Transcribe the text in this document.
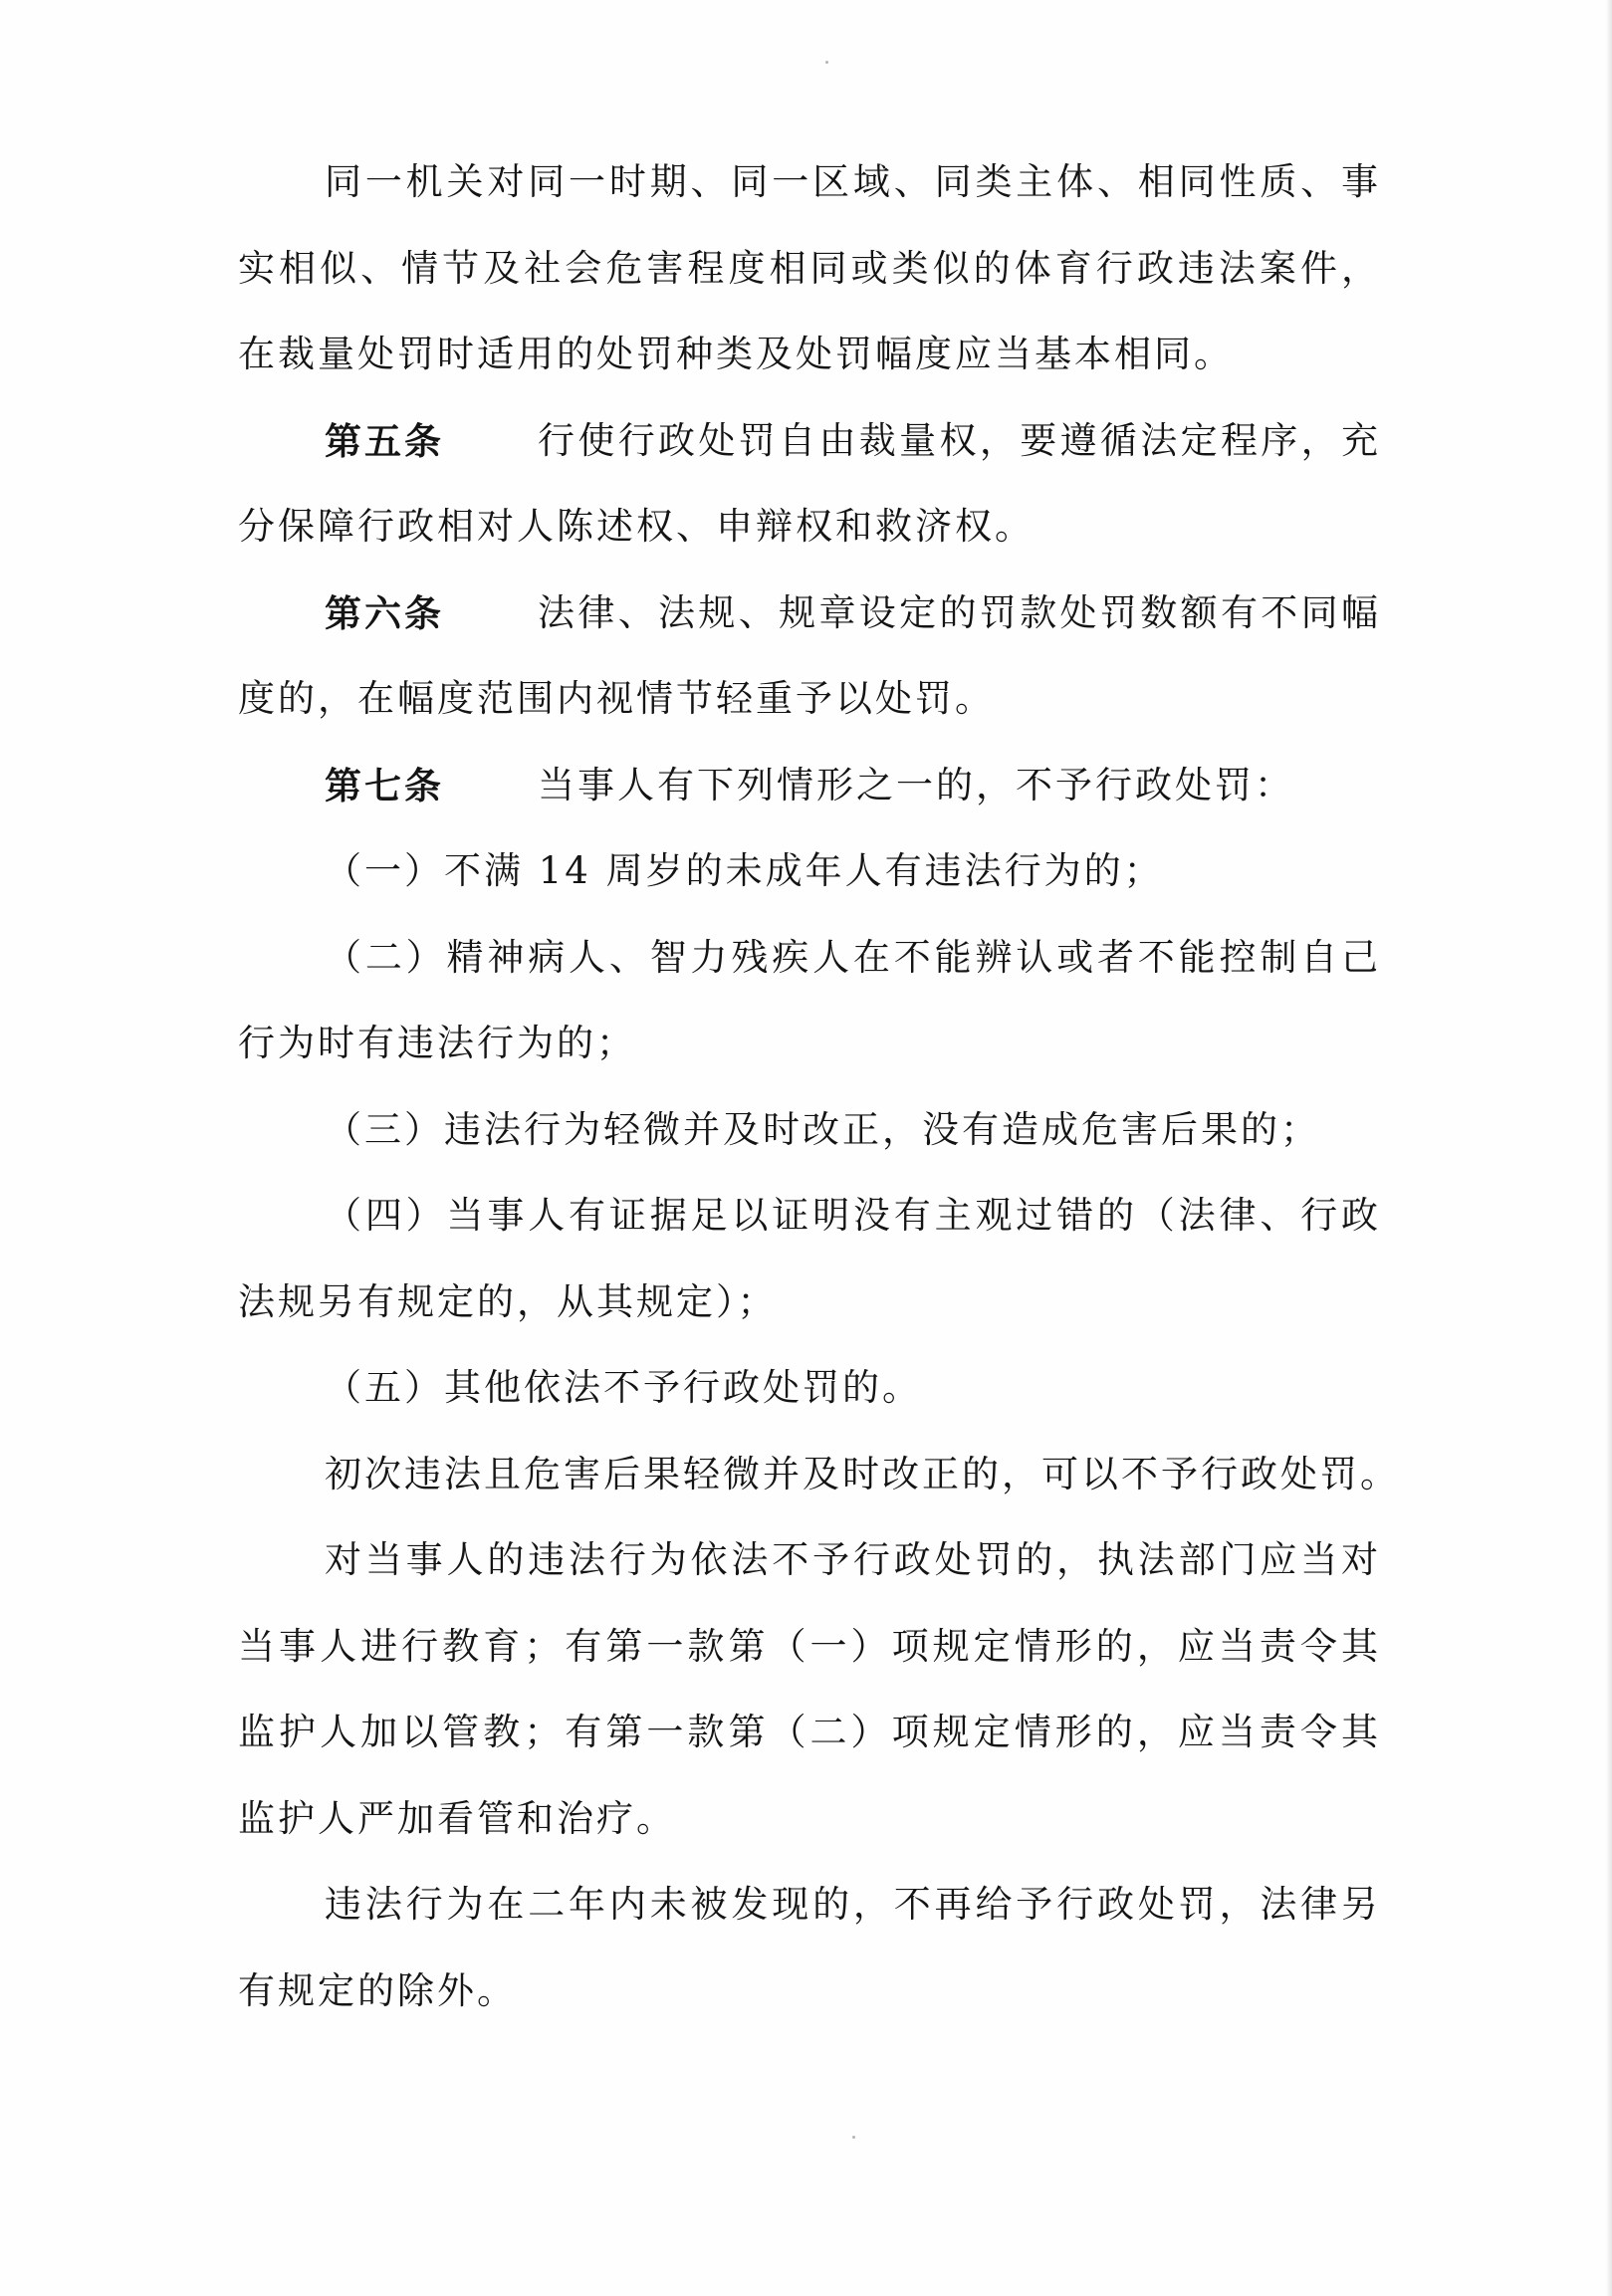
同一机关对同一时期、同一区域、同类主体、相同性质、事
实相似、情节及社会危害程度相同或类似的体育行政违法案件，
在裁量处罚时适用的处罚种类及处罚幅度应当基本相同。
第五条	行使行政处罚自由裁量权，要遵循法定程序，充
分保障行政相对人陈述权、申辩权和救济权。
第六条	法律、法规、规章设定的罚款处罚数额有不同幅
度的，在幅度范围内视情节轻重予以处罚。
第七条	当事人有下列情形之一的，不予行政处罚：
（一）不满 14 周岁的未成年人有违法行为的；
（二）精神病人、智力残疾人在不能辨认或者不能控制自己
行为时有违法行为的；
（三）违法行为轻微并及时改正，没有造成危害后果的；
（四）当事人有证据足以证明没有主观过错的（法律、行政
法规另有规定的，从其规定）；
（五）其他依法不予行政处罚的。
初次违法且危害后果轻微并及时改正的，可以不予行政处罚。
对当事人的违法行为依法不予行政处罚的，执法部门应当对
当事人进行教育；有第一款第（一）项规定情形的，应当责令其
监护人加以管教；有第一款第（二）项规定情形的，应当责令其
监护人严加看管和治疗。
违法行为在二年内未被发现的，不再给予行政处罚，法律另
有规定的除外。
